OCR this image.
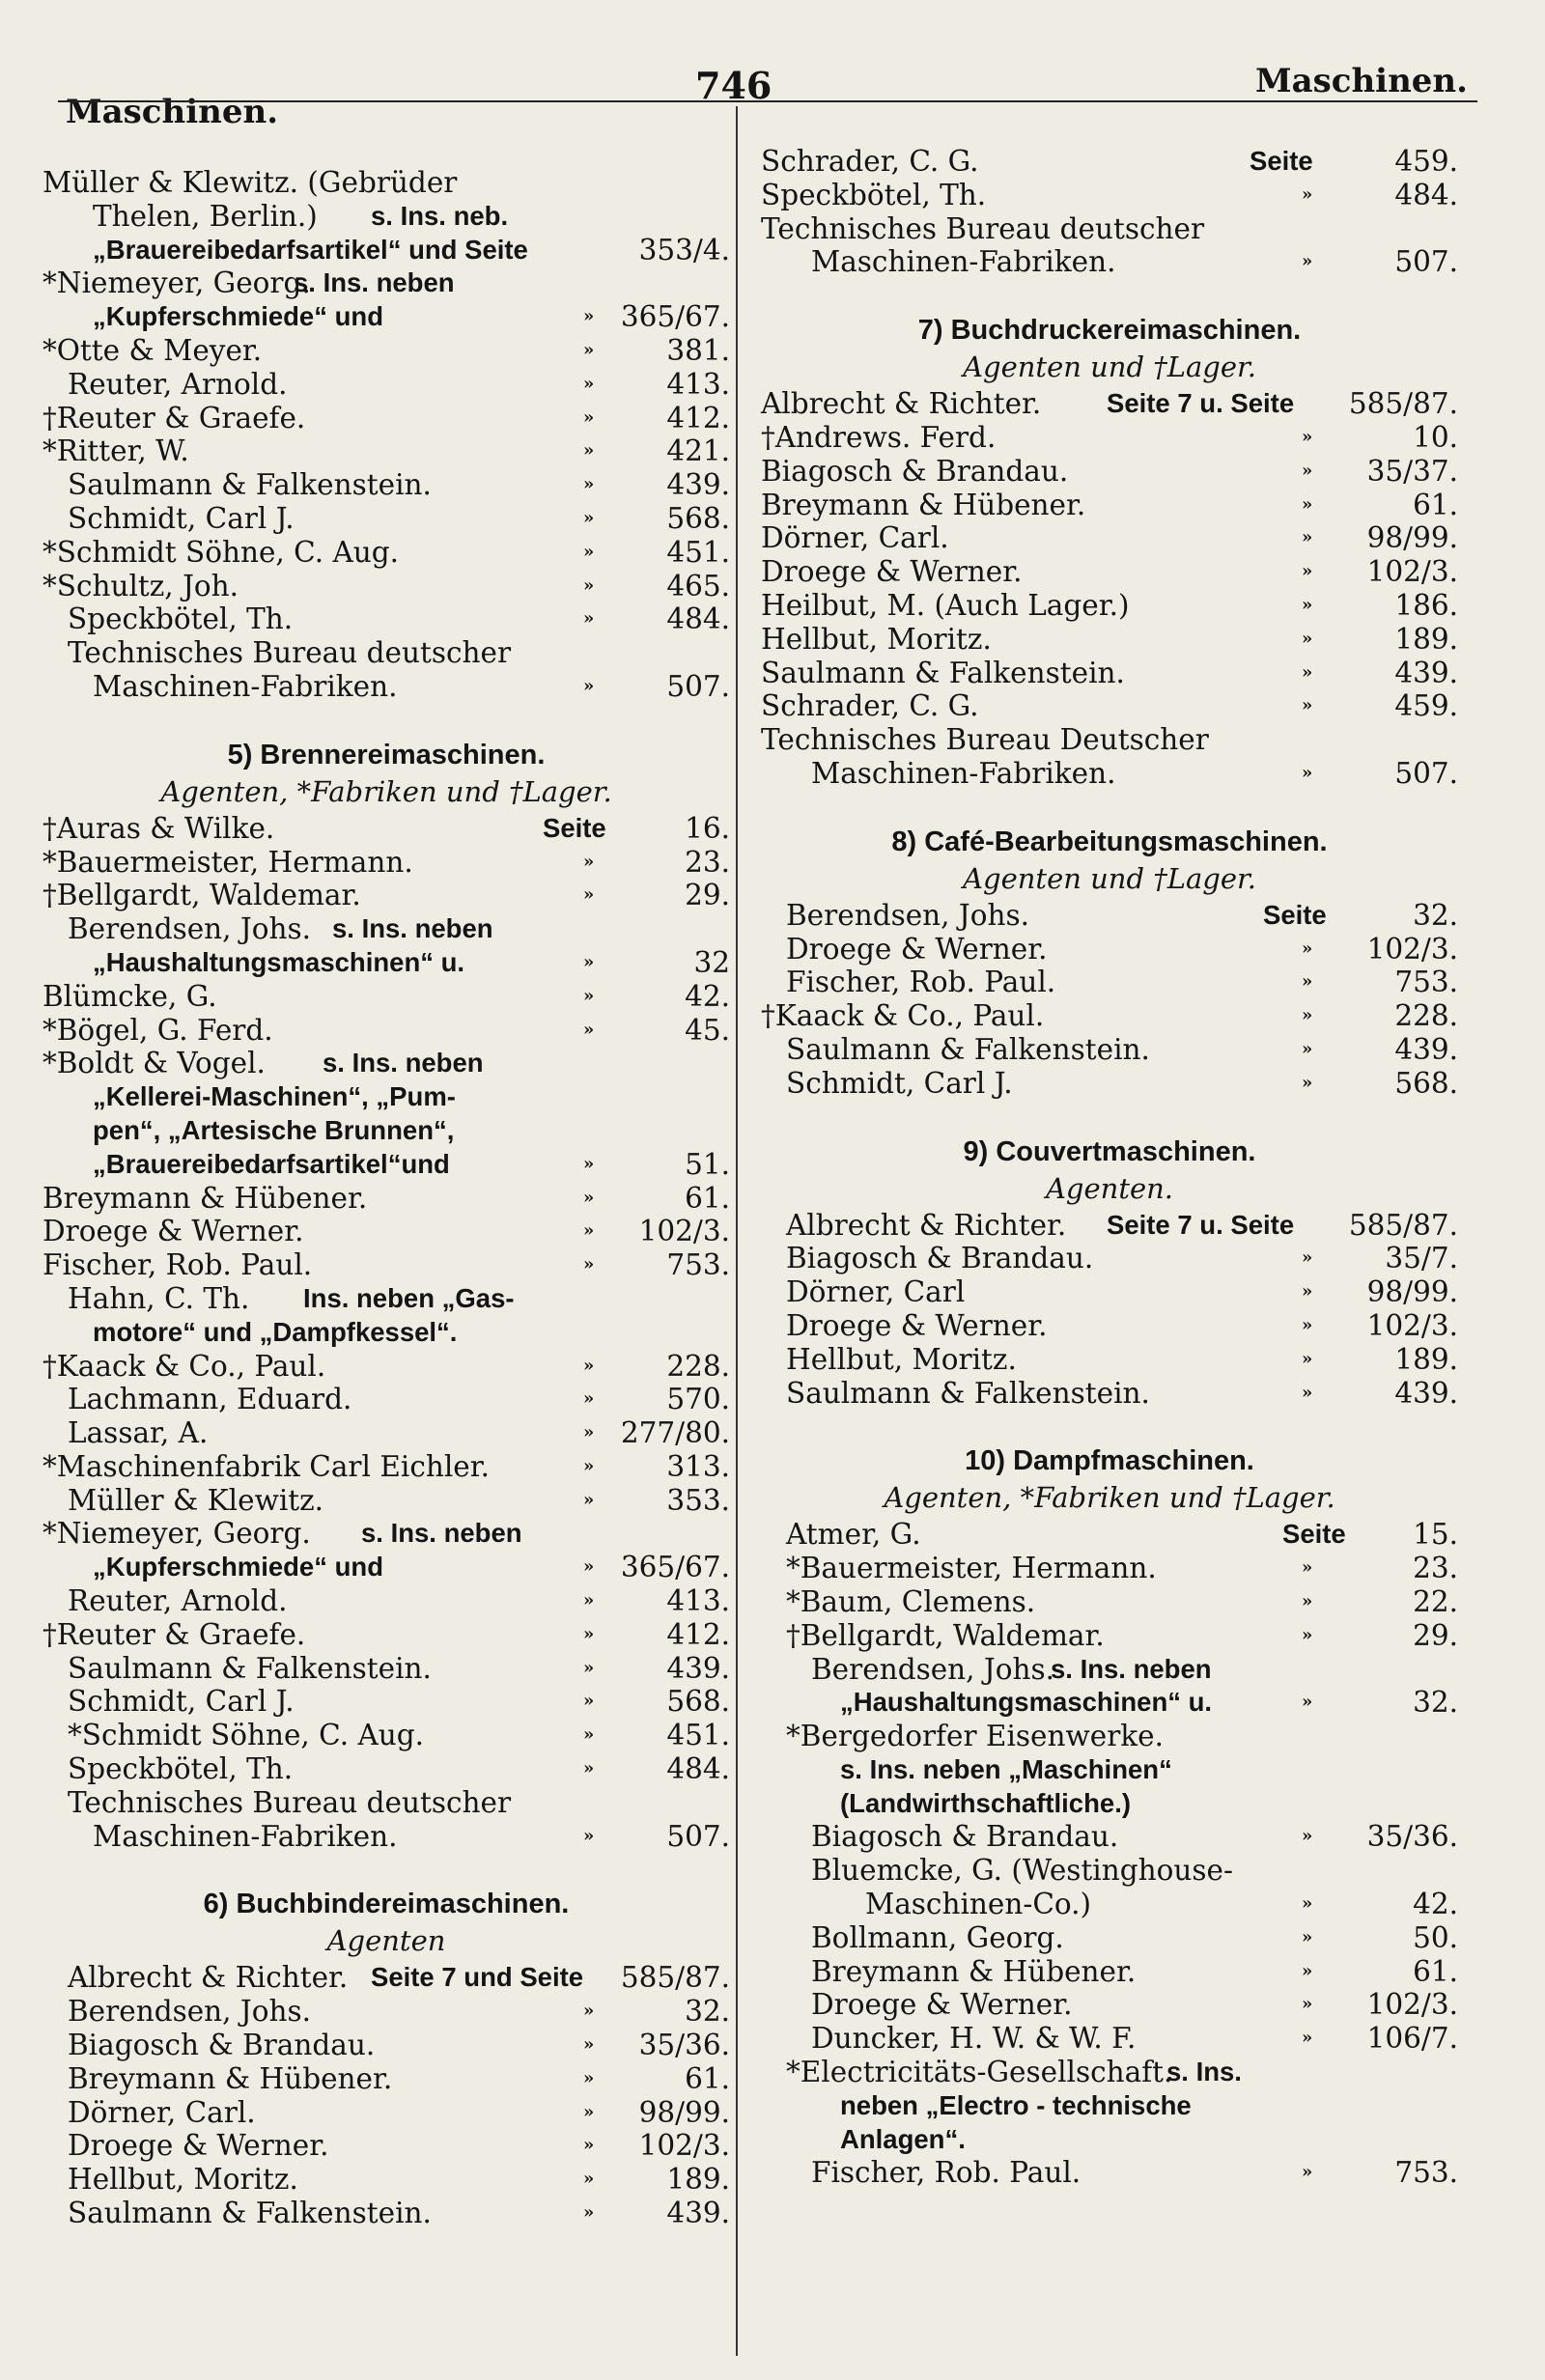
Maschinen.
746	Maschinen.
Müller & Klewitz. (Gebrüder
Thelen, Berlin.) s. Ins. neb.
„Brauereibedarfsartikel“ und Seite	353/4.
*Niemeyer, Georg.
s. Ins. neben
„Kupferschmiede“ und	» 365/67.
*Otte & Meyer.	»	381.
Reuter, Arnold.	»	413.
†Reuter & Graefe.	»	412.
*Ritter, W.	»	421.
Saulmann & Falkenstein.	»	439.
Schmidt, Carl J.	»	568.
*Schmidt Söhne, C. Aug.	»	451.
*Schultz, Joh.	»	465.
Speckbötel, Th.	»	484.
Technisches Bureau deutscher
Maschinen-Fabriken.	»	507.
5) Brennereimaschinen.
Agenten, *Fabriken und †Lager.
†Auras & Wilke.	Seite	16.
*Bauermeister, Hermann.	»	23.
†Bellgardt, Waldemar.	»	29.
Berendsen, Johs. s. Ins. neben
„Haushaltungsmaschinen“ u.	»	32
Blümcke, G.	»	42.
*Bögel, G. Ferd.	»	45.
*Boldt & Vogel. s. Ins. neben
„Kellerei-Maschinen“, „Pum-
pen“, „Artesische Brunnen“,
„Brauereibedarfsartikel“und	»	51.
Breymann & Hübener.	»	61.
Droege & Werner.	» 102/3.
Fischer, Rob. Paul.	»	753.
Hahn, C. Th. Ins. neben „Gas-
motore“ und „Dampfkessel“.
†Kaack & Co., Paul.	»	228.
Lachmann, Eduard.	»	570.
Lassar, A.	» 277/80.
*Maschinenfabrik Carl Eichler.	»	313.
Müller & Klewitz.	»	353.
*Niemeyer, Georg. s. Ins. neben
„Kupferschmiede“ und	» 365/67.
Reuter, Arnold.	»	413.
†Reuter & Graefe.	»	412.
Saulmann & Falkenstein.	»	439.
Schmidt, Carl J.	»	568.
*Schmidt Söhne, C. Aug.	»	451.
Speckbötel, Th.	»	484.
Technisches Bureau deutscher
Maschinen-Fabriken.	»	507.
6) Buchbindereimaschinen.
Agenten
Albrecht & Richter. Seite 7 und Seite 585/87.
Berendsen, Johs.	»	32.
Biagosch & Brandau.	» 35/36.
Breymann & Hübener.	»	61.
Dörner, Carl.	» 98/99.
Droege & Werner.	» 102/3.
Hellbut, Moritz.	»	189.
Saulmann & Falkenstein.	»	439.
Schrader, C. G.	Seite	459.
Speckbötel, Th.	»	484.
Technisches Bureau deutscher
Maschinen-Fabriken.	»	507.
7) Buchdruckereimaschinen.
Agenten und †Lager.
Albrecht & Richter. Seite 7 u. Seite 585/87.
†Andrews. Ferd.	»	10.
Biagosch & Brandau.	» 35/37.
Breymann & Hübener.	»	61.
Dörner, Carl.	» 98/99.
Droege & Werner.	» 102/3.
Heilbut, M. (Auch Lager.)	»	186.
Hellbut, Moritz.	»	189.
Saulmann & Falkenstein.	»	439.
Schrader, C. G.	»	459.
Technisches Bureau Deutscher
Maschinen-Fabriken.	»	507.
8) Café-Bearbeitungsmaschinen.
Agenten und †Lager.
Berendsen, Johs.	Seite	32.
Droege & Werner.	» 102/3.
Fischer, Rob. Paul.	»	753.
†Kaack & Co., Paul.	»	228.
Saulmann & Falkenstein.	»	439.
Schmidt, Carl J.	»	568.
9) Couvertmaschinen.
Agenten.
Albrecht & Richter. Seite 7 u. Seite 585/87.
Biagosch & Brandau.	»	35/7.
Dörner, Carl	» 98/99.
Droege & Werner.	» 102/3.
Hellbut, Moritz.	»	189.
Saulmann & Falkenstein.	»	439.
10) Dampfmaschinen.
Agenten, *Fabriken und †Lager.
Atmer, G.	Seite 15.
*Bauermeister, Hermann.	»	23.
*Baum, Clemens.	»	22.
†Bellgardt, Waldemar.	»	29.
Berendsen, Johs.
s. Ins. neben
„Haushaltungsmaschinen“ u.	»	32.
*Bergedorfer Eisenwerke.
s. Ins. neben „Maschinen“
(Landwirthschaftliche.)
Biagosch & Brandau.	» 35/36.
Bluemcke, G. (Westinghouse-
Maschinen-Co.)	»	42.
Bollmann, Georg.	»	50.
Breymann & Hübener.	»	61.
Droege & Werner.	» 102/3.
Duncker, H. W. & W. F.	» 106/7.
*Electricitäts-Gesellschaft.
s. Ins.
neben „Electro - technische
Anlagen“.
Fischer, Rob. Paul.	»	753.
